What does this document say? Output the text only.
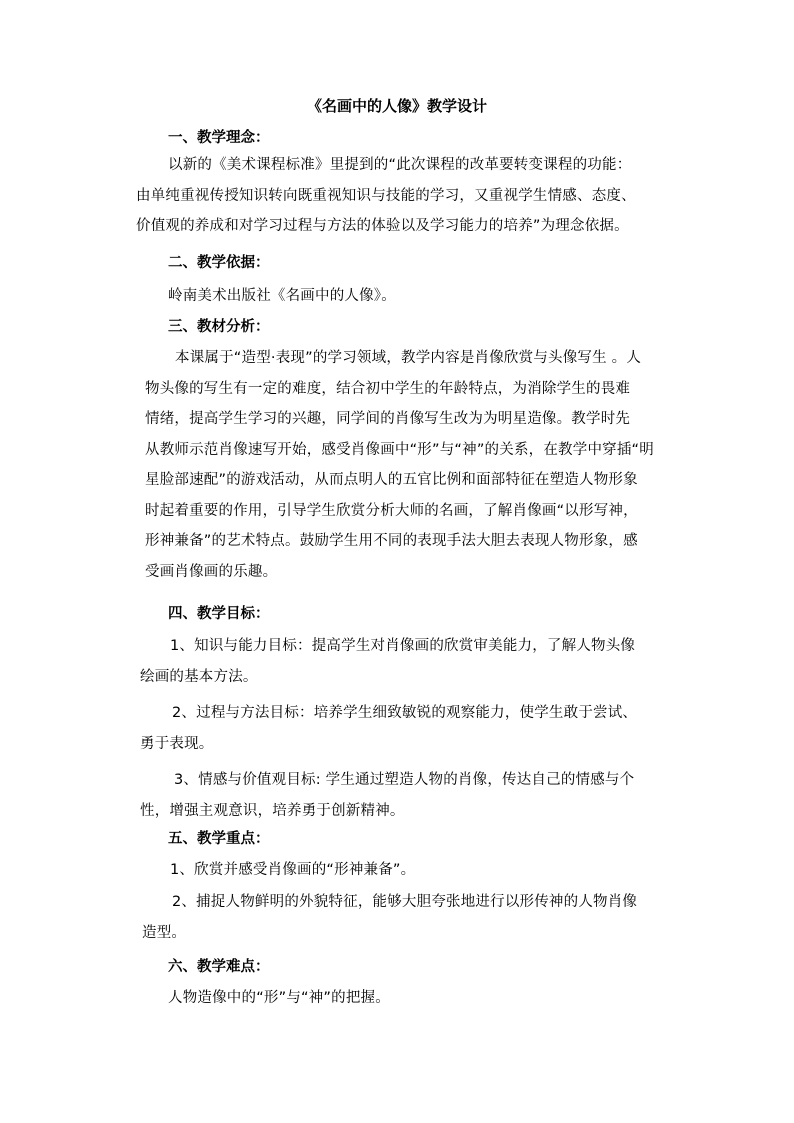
《名画中的人像》教学设计
一、教学理念：
以新的《美术课程标准》里提到的“此次课程的改革要转变课程的功能：
由单纯重视传授知识转向既重视知识与技能的学习，又重视学生情感、态度、
价值观的养成和对学习过程与方法的体验以及学习能力的培养”为理念依据。
二、教学依据：
岭南美术出版社《名画中的人像》。
三、教材分析：
本课属于“造型·表现”的学习领域，教学内容是肖像欣赏与头像写生 。人
物头像的写生有一定的难度，结合初中学生的年龄特点，为消除学生的畏难
情绪，提高学生学习的兴趣，同学间的肖像写生改为为明星造像。教学时先
从教师示范肖像速写开始，感受肖像画中“形”与“神”的关系，在教学中穿插“明
星脸部速配”的游戏活动，从而点明人的五官比例和面部特征在塑造人物形象
时起着重要的作用，引导学生欣赏分析大师的名画，了解肖像画“以形写神，
形神兼备”的艺术特点。鼓励学生用不同的表现手法大胆去表现人物形象，感
受画肖像画的乐趣。
四、教学目标：
1、知识与能力目标：提高学生对肖像画的欣赏审美能力，了解人物头像
绘画的基本方法。
2、过程与方法目标：培养学生细致敏锐的观察能力，使学生敢于尝试、
勇于表现。
3、情感与价值观目标: 学生通过塑造人物的肖像，传达自己的情感与个
性，增强主观意识，培养勇于创新精神。
五、教学重点：
1、欣赏并感受肖像画的“形神兼备”。
2、捕捉人物鲜明的外貌特征，能够大胆夸张地进行以形传神的人物肖像
造型。
六、教学难点：
人物造像中的“形”与“神”的把握。
